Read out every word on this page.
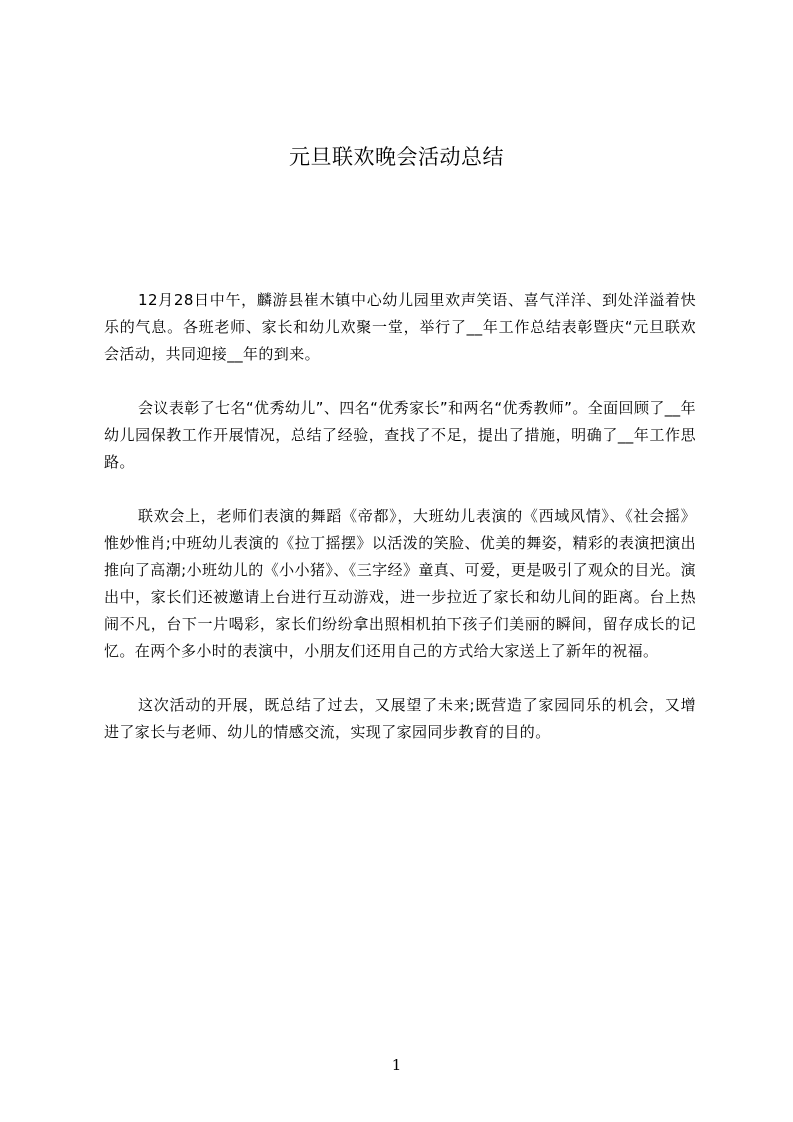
元旦联欢晚会活动总结

12月28日中午，麟游县崔木镇中心幼儿园里欢声笑语、喜气洋洋、到处洋溢着快乐的气息。各班老师、家长和幼儿欢聚一堂，举行了__年工作总结表彰暨庆“元旦联欢会活动，共同迎接__年的到来。

会议表彰了七名“优秀幼儿”、四名“优秀家长”和两名“优秀教师”。全面回顾了__年幼儿园保教工作开展情况，总结了经验，查找了不足，提出了措施，明确了__年工作思路。

联欢会上，老师们表演的舞蹈《帝都》，大班幼儿表演的《西域风情》、《社会摇》惟妙惟肖;中班幼儿表演的《拉丁摇摆》以活泼的笑脸、优美的舞姿，精彩的表演把演出推向了高潮;小班幼儿的《小小猪》、《三字经》童真、可爱，更是吸引了观众的目光。演出中，家长们还被邀请上台进行互动游戏，进一步拉近了家长和幼儿间的距离。台上热闹不凡，台下一片喝彩，家长们纷纷拿出照相机拍下孩子们美丽的瞬间，留存成长的记忆。在两个多小时的表演中，小朋友们还用自己的方式给大家送上了新年的祝福。

这次活动的开展，既总结了过去，又展望了未来;既营造了家园同乐的机会，又增进了家长与老师、幼儿的情感交流，实现了家园同步教育的目的。

1
